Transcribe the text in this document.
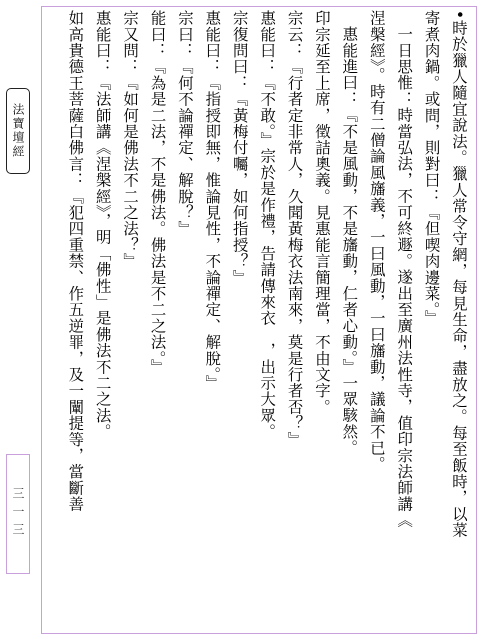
法寶壇經
三一三	•時於獵人隨宜說法。獵人常令守網，每見生命，盡放之。每至飯時，以菜
寄煮肉鍋。或問，則對曰：『但喫肉邊菜。』
一日思惟：時當弘法，不可終遯。遂出至廣州法性寺，值印宗法師講《
涅槃經》。時有二僧論風旛義，一曰風動，一曰旛動，議論不已。
惠能進曰：『不是風動，不是旛動，仁者心動。』一眾駭然。
印宗延至上席，徵詰奧義。見惠能言簡理當，不由文字。
宗云：『行者定非常人，久聞黃梅衣法南來，莫是行者否？』
惠能曰：『不敢。』宗於是作禮，告請傳來衣　，出示大眾。
宗復問曰：『黃梅付囑，如何指授？』
惠能曰：『指授即無，惟論見性，不論禪定、解脫。』
宗曰：『何不論禪定、解脫？』
能曰：『為是二法，不是佛法。佛法是不二之法。』
宗又問：『如何是佛法不二之法？』
惠能曰：『法師講《涅槃經》，明「佛性」是佛法不二之法。
如高貴德王菩薩白佛言：『犯四重禁、作五逆罪，及一闡提等，當斷善
